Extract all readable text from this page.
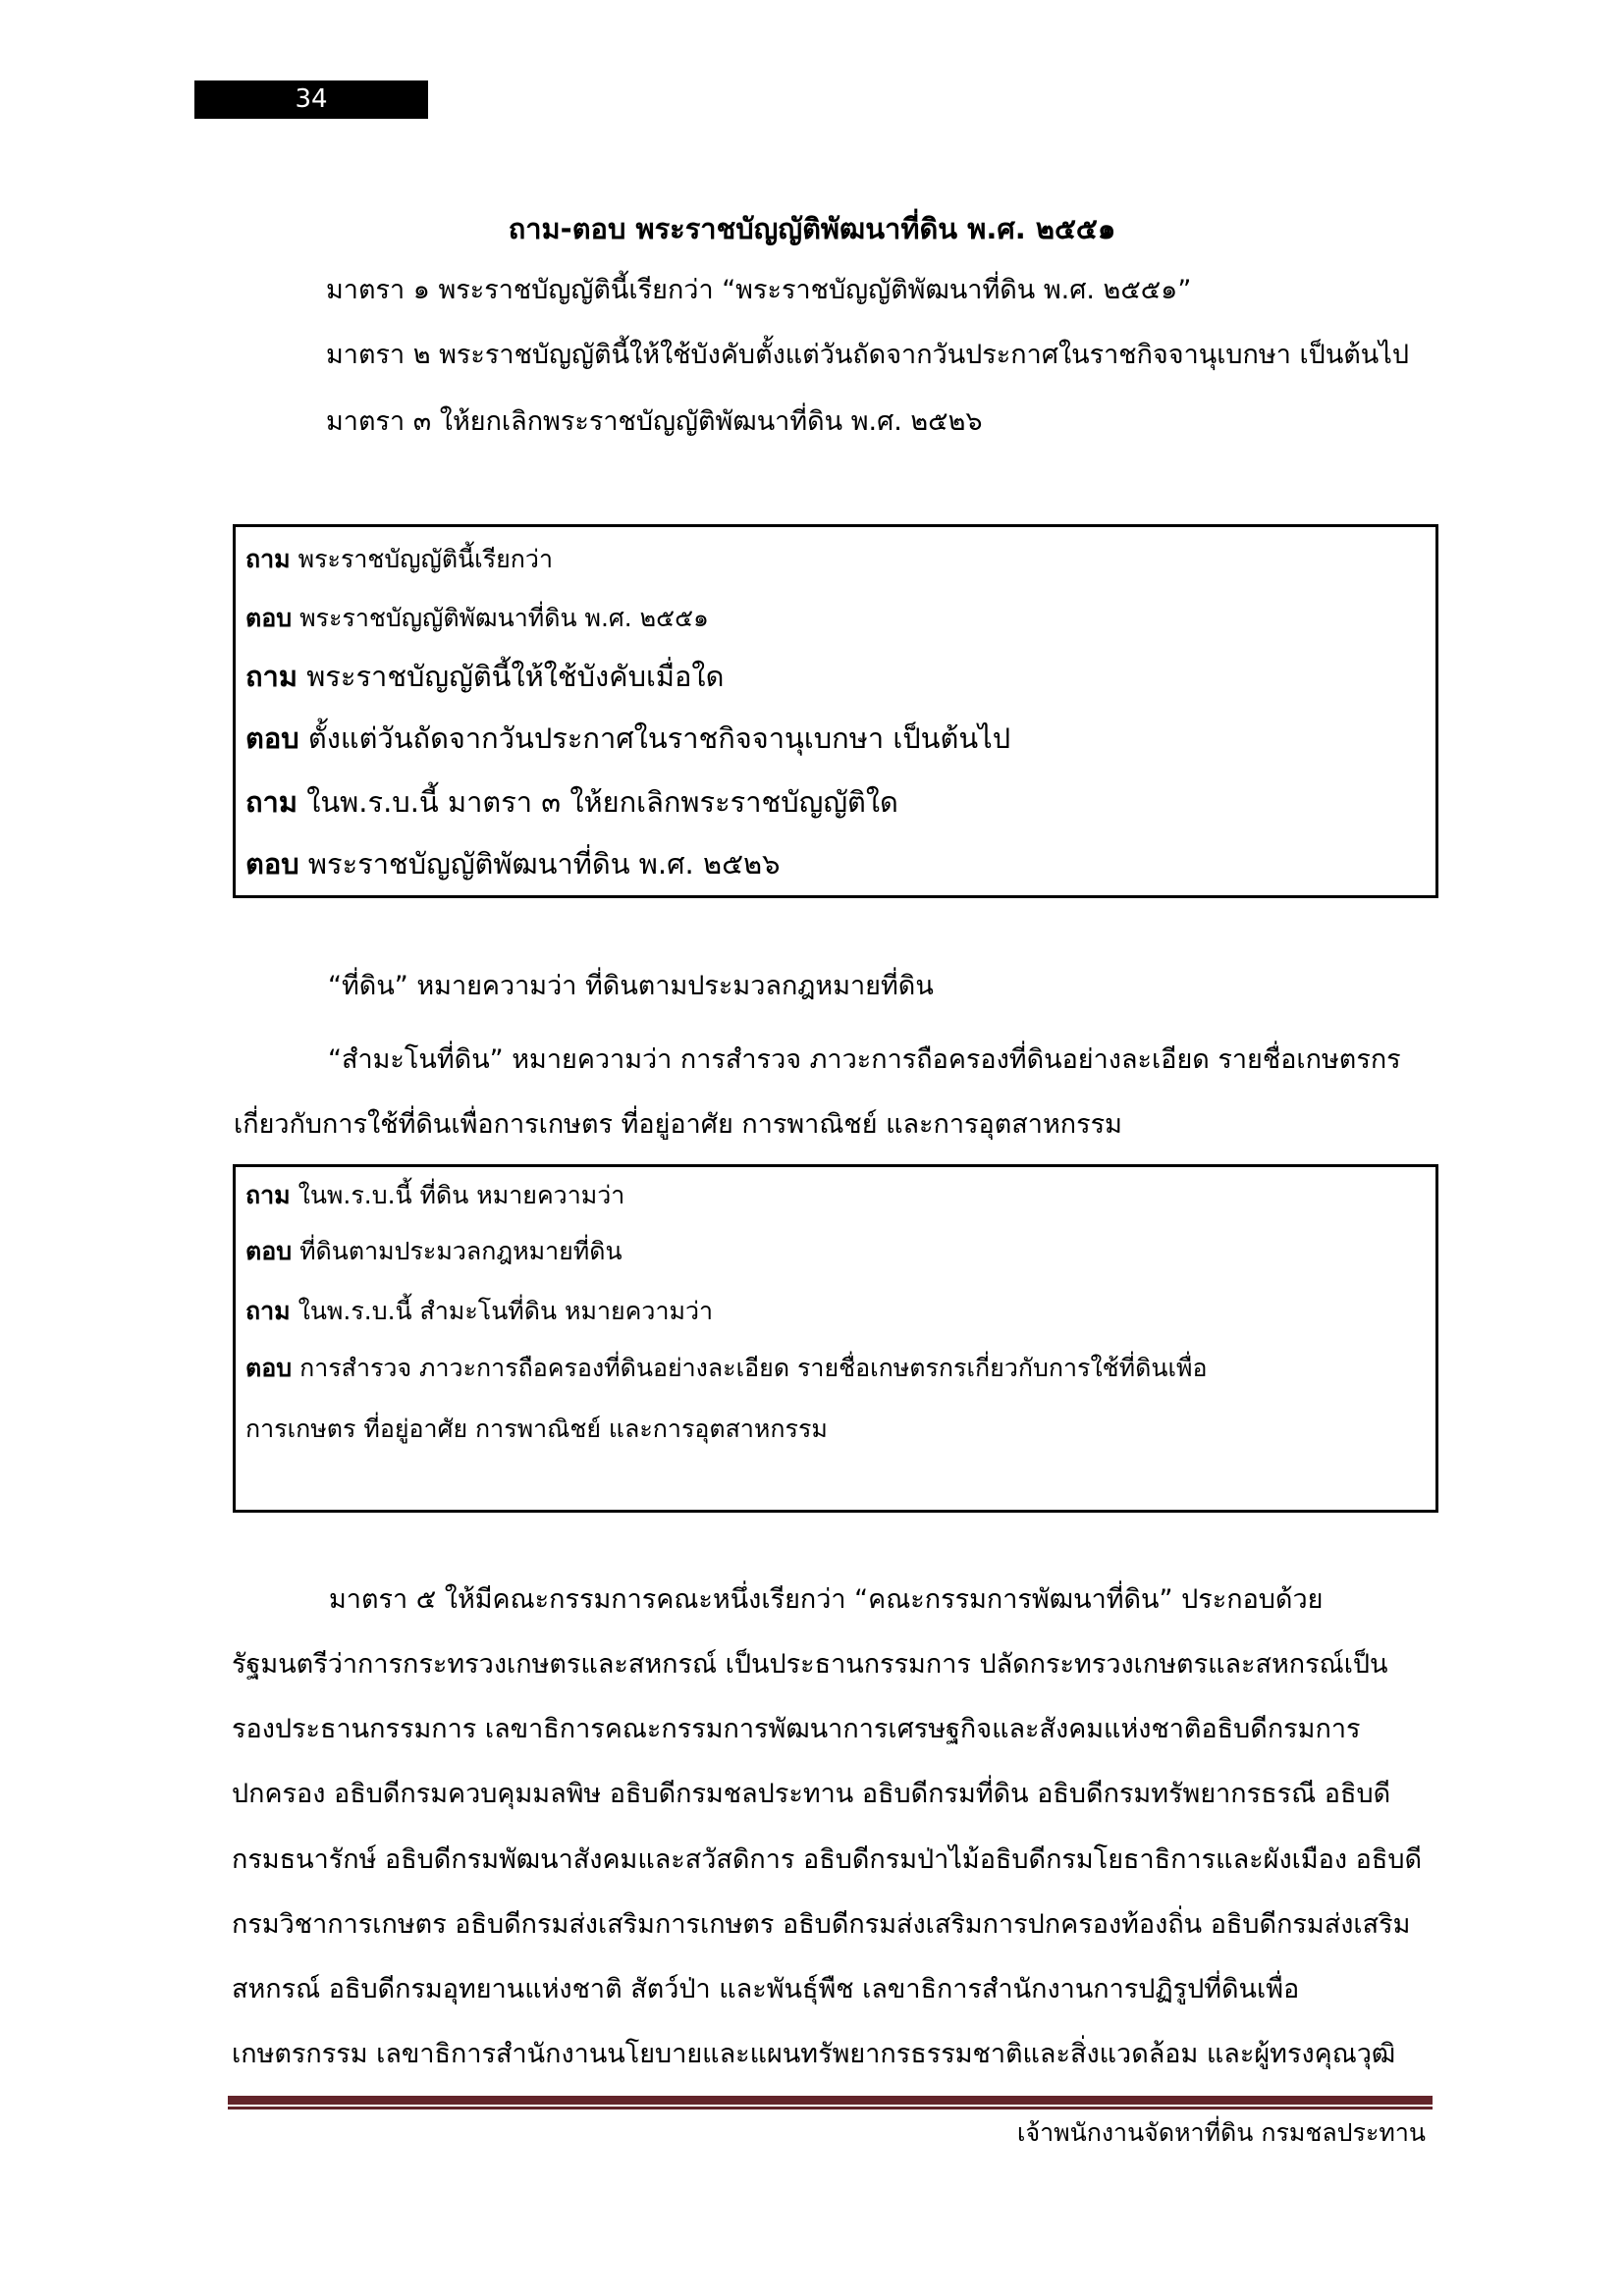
34
ถาม-ตอบ พระราชบัญญัติพัฒนาที่ดิน พ.ศ. ๒๕๕๑
มาตรา ๑ พระราชบัญญัตินี้เรียกว่า “พระราชบัญญัติพัฒนาที่ดิน พ.ศ. ๒๕๕๑”
มาตรา ๒ พระราชบัญญัตินี้ให้ใช้บังคับตั้งแต่วันถัดจากวันประกาศในราชกิจจานุเบกษา เป็นต้นไป
มาตรา ๓ ให้ยกเลิกพระราชบัญญัติพัฒนาที่ดิน พ.ศ. ๒๕๒๖
ถาม พระราชบัญญัตินี้เรียกว่า
ตอบ พระราชบัญญัติพัฒนาที่ดิน พ.ศ. ๒๕๕๑
ถาม พระราชบัญญัตินี้ให้ใช้บังคับเมื่อใด
ตอบ ตั้งแต่วันถัดจากวันประกาศในราชกิจจานุเบกษา เป็นต้นไป
ถาม ในพ.ร.บ.นี้ มาตรา ๓ ให้ยกเลิกพระราชบัญญัติใด
ตอบ พระราชบัญญัติพัฒนาที่ดิน พ.ศ. ๒๕๒๖
“ที่ดิน” หมายความว่า ที่ดินตามประมวลกฎหมายที่ดิน
“สำมะโนที่ดิน” หมายความว่า การสำรวจ ภาวะการถือครองที่ดินอย่างละเอียด รายชื่อเกษตรกร
เกี่ยวกับการใช้ที่ดินเพื่อการเกษตร ที่อยู่อาศัย การพาณิชย์ และการอุตสาหกรรม
ถาม ในพ.ร.บ.นี้ ที่ดิน หมายความว่า
ตอบ ที่ดินตามประมวลกฎหมายที่ดิน
ถาม ในพ.ร.บ.นี้ สำมะโนที่ดิน หมายความว่า
ตอบ การสำรวจ ภาวะการถือครองที่ดินอย่างละเอียด รายชื่อเกษตรกรเกี่ยวกับการใช้ที่ดินเพื่อ
การเกษตร ที่อยู่อาศัย การพาณิชย์ และการอุตสาหกรรม
มาตรา ๕ ให้มีคณะกรรมการคณะหนึ่งเรียกว่า “คณะกรรมการพัฒนาที่ดิน” ประกอบด้วย
รัฐมนตรีว่าการกระทรวงเกษตรและสหกรณ์ เป็นประธานกรรมการ ปลัดกระทรวงเกษตรและสหกรณ์เป็น
รองประธานกรรมการ เลขาธิการคณะกรรมการพัฒนาการเศรษฐกิจและสังคมแห่งชาติอธิบดีกรมการ
ปกครอง อธิบดีกรมควบคุมมลพิษ อธิบดีกรมชลประทาน อธิบดีกรมที่ดิน อธิบดีกรมทรัพยากรธรณี อธิบดี
กรมธนารักษ์ อธิบดีกรมพัฒนาสังคมและสวัสดิการ อธิบดีกรมป่าไม้อธิบดีกรมโยธาธิการและผังเมือง อธิบดี
กรมวิชาการเกษตร อธิบดีกรมส่งเสริมการเกษตร อธิบดีกรมส่งเสริมการปกครองท้องถิ่น อธิบดีกรมส่งเสริม
สหกรณ์ อธิบดีกรมอุทยานแห่งชาติ สัตว์ป่า และพันธุ์พืช เลขาธิการสำนักงานการปฏิรูปที่ดินเพื่อ
เกษตรกรรม เลขาธิการสำนักงานนโยบายและแผนทรัพยากรธรรมชาติและสิ่งแวดล้อม และผู้ทรงคุณวุฒิ
เจ้าพนักงานจัดหาที่ดิน กรมชลประทาน
